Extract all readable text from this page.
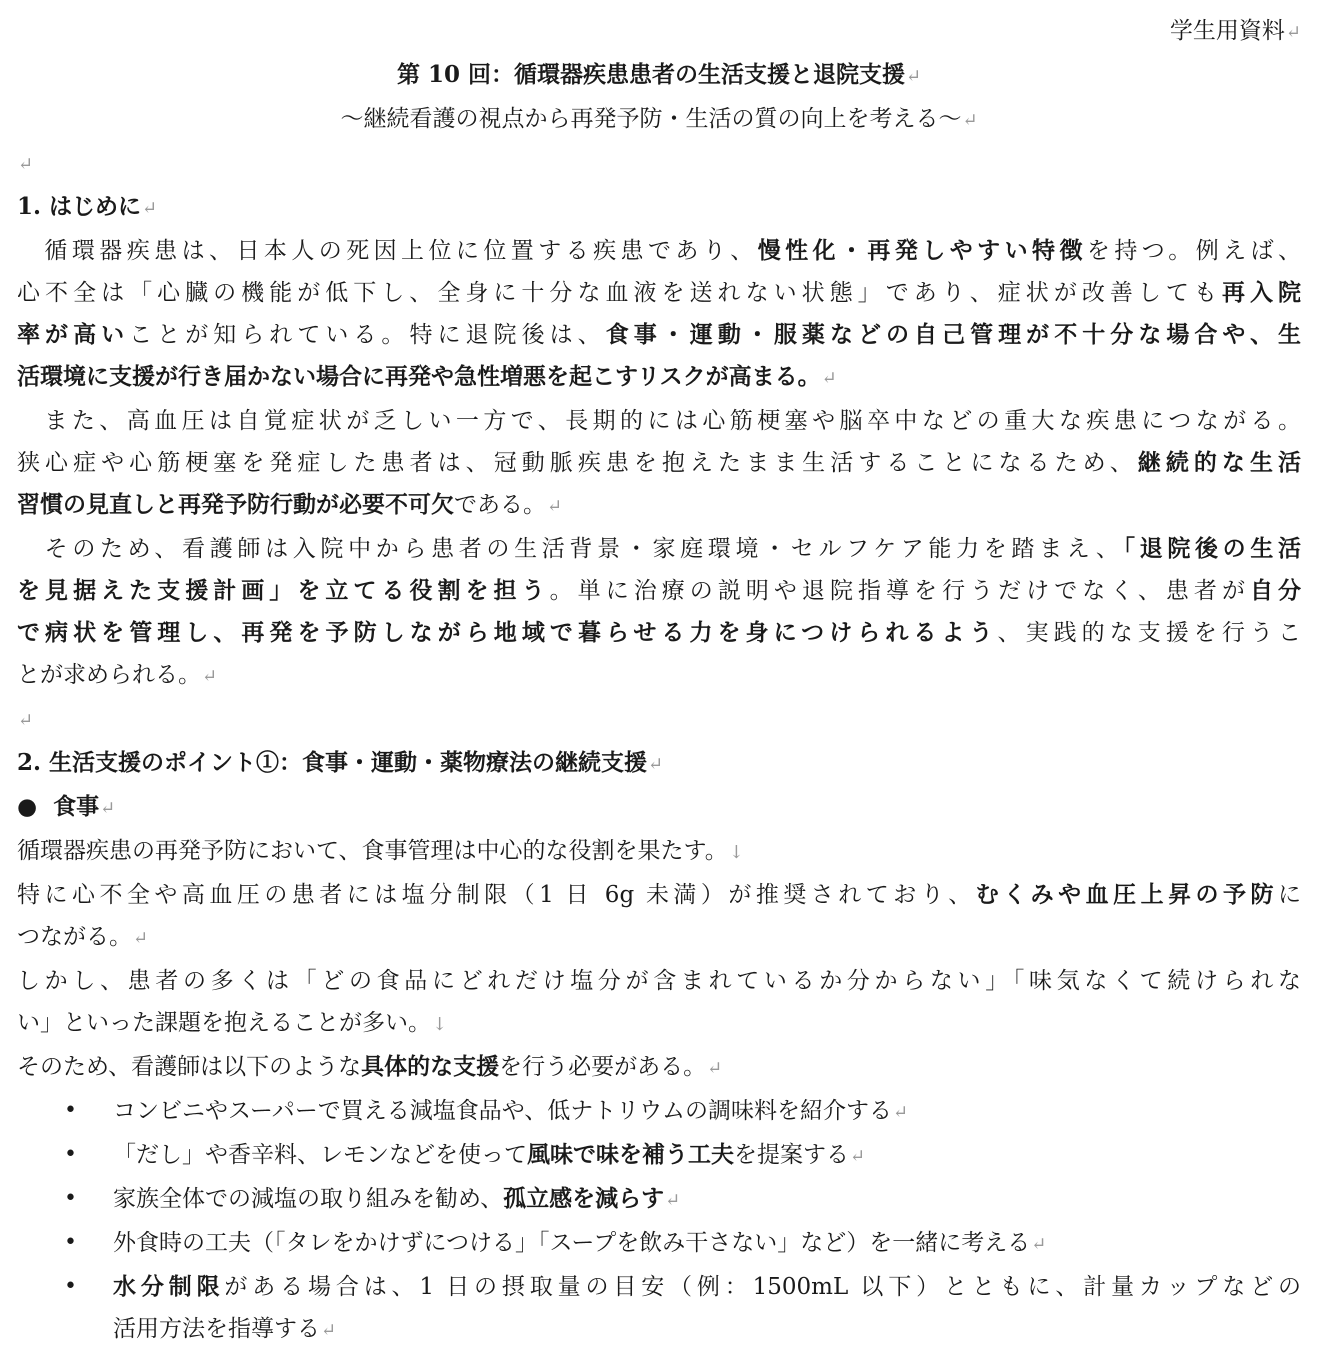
学生用資料↵
第 10 回：循環器疾患患者の生活支援と退院支援↵
～継続看護の視点から再発予防・生活の質の向上を考える～↵
↵
1. はじめに↵
　循環器疾患は、日本人の死因上位に位置する疾患であり、慢性化・再発しやすい特徴を持つ。例えば、
心不全は「心臓の機能が低下し、全身に十分な血液を送れない状態」であり、症状が改善しても再入院
率が高いことが知られている。特に退院後は、食事・運動・服薬などの自己管理が不十分な場合や、生
活環境に支援が行き届かない場合に再発や急性増悪を起こすリスクが高まる。↵
　また、高血圧は自覚症状が乏しい一方で、長期的には心筋梗塞や脳卒中などの重大な疾患につながる。
狭心症や心筋梗塞を発症した患者は、冠動脈疾患を抱えたまま生活することになるため、継続的な生活
習慣の見直しと再発予防行動が必要不可欠である。↵
　そのため、看護師は入院中から患者の生活背景・家庭環境・セルフケア能力を踏まえ、「退院後の生活
を見据えた支援計画」を立てる役割を担う。単に治療の説明や退院指導を行うだけでなく、患者が自分
で病状を管理し、再発を予防しながら地域で暮らせる力を身につけられるよう、実践的な支援を行うこ
とが求められる。↵
↵
2. 生活支援のポイント①：食事・運動・薬物療法の継続支援↵
● 食事↵
循環器疾患の再発予防において、食事管理は中心的な役割を果たす。↓
特に心不全や高血圧の患者には塩分制限（1 日 6g 未満）が推奨されており、むくみや血圧上昇の予防に
つながる。↵
しかし、患者の多くは「どの食品にどれだけ塩分が含まれているか分からない」「味気なくて続けられな
い」といった課題を抱えることが多い。↓
そのため、看護師は以下のような具体的な支援を行う必要がある。↵
• コンビニやスーパーで買える減塩食品や、低ナトリウムの調味料を紹介する↵
• 「だし」や香辛料、レモンなどを使って風味で味を補う工夫を提案する↵
• 家族全体での減塩の取り組みを勧め、孤立感を減らす↵
• 外食時の工夫（「タレをかけずにつける」「スープを飲み干さない」など）を一緒に考える↵
• 水分制限がある場合は、1 日の摂取量の目安（例：1500mL 以下）とともに、計量カップなどの
活用方法を指導する↵
